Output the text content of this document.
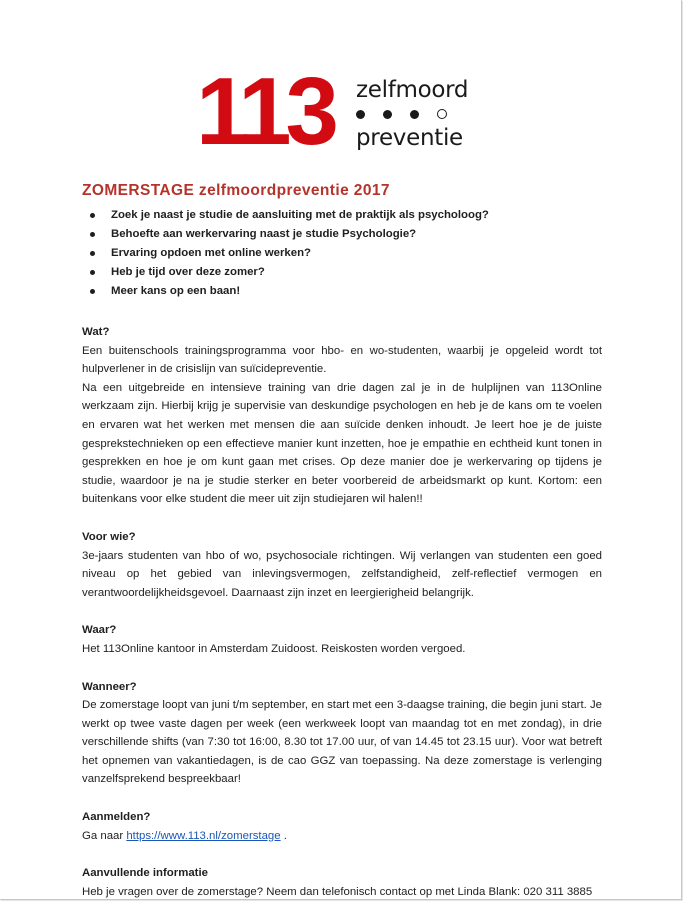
113 zelfmoord
preventie
ZOMERSTAGE zelfmoordpreventie 2017
Zoek je naast je studie de aansluiting met de praktijk als psycholoog?
Behoefte aan werkervaring naast je studie Psychologie?
Ervaring opdoen met online werken?
Heb je tijd over deze zomer?
Meer kans op een baan!
Wat?
Een buitenschools trainingsprogramma voor hbo- en wo-studenten, waarbij je opgeleid wordt tot hulpverlener in de crisislijn van suïcidepreventie.
Na een uitgebreide en intensieve training van drie dagen zal je in de hulplijnen van 113Online werkzaam zijn. Hierbij krijg je supervisie van deskundige psychologen en heb je de kans om te voelen en ervaren wat het werken met mensen die aan suïcide denken inhoudt. Je leert hoe je de juiste gesprekstechnieken op een effectieve manier kunt inzetten, hoe je empathie en echtheid kunt tonen in gesprekken en hoe je om kunt gaan met crises. Op deze manier doe je werkervaring op tijdens je studie, waardoor je na je studie sterker en beter voorbereid de arbeidsmarkt op kunt. Kortom: een buitenkans voor elke student die meer uit zijn studiejaren wil halen!!
Voor wie?
3e-jaars studenten van hbo of wo, psychosociale richtingen. Wij verlangen van studenten een goed niveau op het gebied van inlevingsvermogen, zelfstandigheid, zelf-reflectief vermogen en verantwoordelijkheidsgevoel. Daarnaast zijn inzet en leergierigheid belangrijk.
Waar?
Het 113Online kantoor in Amsterdam Zuidoost. Reiskosten worden vergoed.
Wanneer?
De zomerstage loopt van juni t/m september, en start met een 3-daagse training, die begin juni start. Je werkt op twee vaste dagen per week (een werkweek loopt van maandag tot en met zondag), in drie verschillende shifts (van 7:30 tot 16:00, 8.30 tot 17.00 uur, of van 14.45 tot 23.15 uur). Voor wat betreft het opnemen van vakantiedagen, is de cao GGZ van toepassing. Na deze zomerstage is verlenging vanzelfsprekend bespreekbaar!
Aanmelden?
Ga naar https://www.113.nl/zomerstage .
Aanvullende informatie
Heb je vragen over de zomerstage? Neem dan telefonisch contact op met Linda Blank: 020 311 3885
